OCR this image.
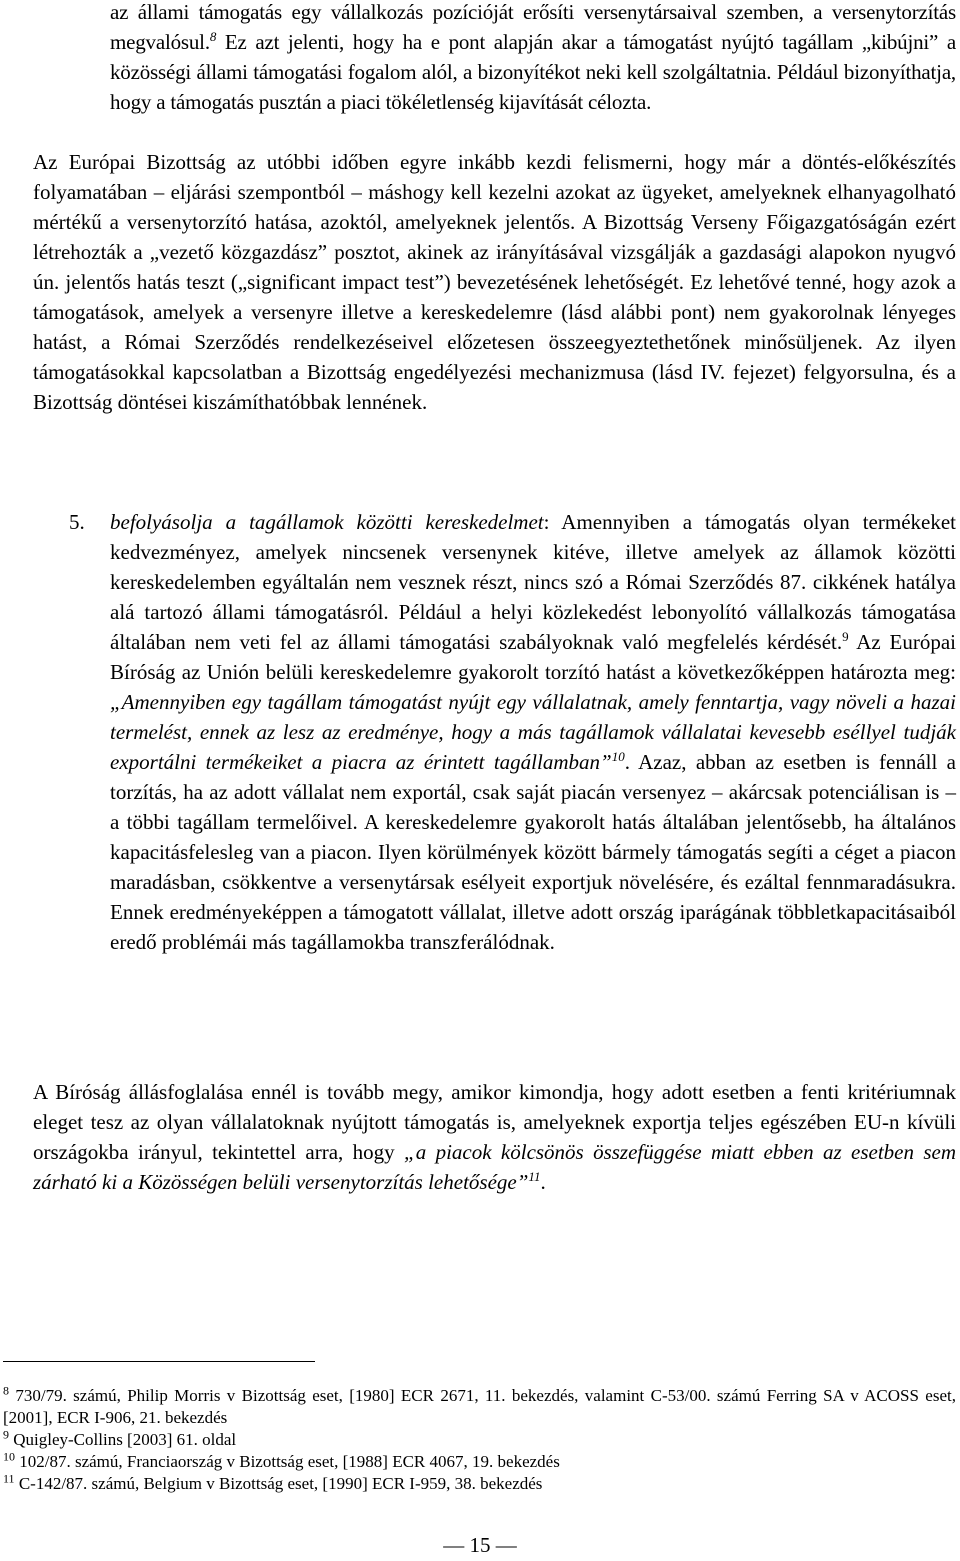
az állami támogatás egy vállalkozás pozícióját erősíti versenytársaival szemben, a versenytorzítás megvalósul.$^8$ Ez azt jelenti, hogy ha e pont alapján akar a támogatást nyújtó tagállam „kibújni” a közösségi állami támogatási fogalom alól, a bizonyítékot neki kell szolgáltatnia. Például bizonyíthatja, hogy a támogatás pusztán a piaci tökéletlenség kijavítását célozta.
Az Európai Bizottság az utóbbi időben egyre inkább kezdi felismerni, hogy már a döntés-előkészítés folyamatában – eljárási szempontból – máshogy kell kezelni azokat az ügyeket, amelyeknek elhanyagolható mértékű a versenytorzító hatása, azoktól, amelyeknek jelentős. A Bizottság Verseny Főigazgatóságán ezért létrehozták a „vezető közgazdász” posztot, akinek az irányításával vizsgálják a gazdasági alapokon nyugvó ún. jelentős hatás teszt („significant impact test”) bevezetésének lehetőségét. Ez lehetővé tenné, hogy azok a támogatások, amelyek a versenyre illetve a kereskedelemre (lásd alábbi pont) nem gyakorolnak lényeges hatást, a Római Szerződés rendelkezéseivel előzetesen összeegyeztethetőnek minősüljenek. Az ilyen támogatásokkal kapcsolatban a Bizottság engedélyezési mechanizmusa (lásd IV. fejezet) felgyorsulna, és a Bizottság döntései kiszámíthatóbbak lennének.
5. befolyásolja a tagállamok közötti kereskedelmet: Amennyiben a támogatás olyan termékeket kedvezményez, amelyek nincsenek versenynek kitéve, illetve amelyek az államok közötti kereskedelemben egyáltalán nem vesznek részt, nincs szó a Római Szerződés 87. cikkének hatálya alá tartozó állami támogatásról. Például a helyi közlekedést lebonyolító vállalkozás támogatása általában nem veti fel az állami támogatási szabályoknak való megfelelés kérdését.$^9$ Az Európai Bíróság az Unión belüli kereskedelemre gyakorolt torzító hatást a következőképpen határozta meg: „Amennyiben egy tagállam támogatást nyújt egy vállalatnak, amely fenntartja, vagy növeli a hazai termelést, ennek az lesz az eredménye, hogy a más tagállamok vállalatai kevesebb eséllyel tudják exportálni termékeiket a piacra az érintett tagállamban”$^{10}$. Azaz, abban az esetben is fennáll a torzítás, ha az adott vállalat nem exportál, csak saját piacán versenyez – akárcsak potenciálisan is – a többi tagállam termelőivel. A kereskedelemre gyakorolt hatás általában jelentősebb, ha általános kapacitásfelesleg van a piacon. Ilyen körülmények között bármely támogatás segíti a céget a piacon maradásban, csökkentve a versenytársak esélyeit exportjuk növelésére, és ezáltal fennmaradásukra. Ennek eredményeképpen a támogatott vállalat, illetve adott ország iparágának többletkapacitásaiból eredő problémái más tagállamokba transzferálódnak.
A Bíróság állásfoglalása ennél is tovább megy, amikor kimondja, hogy adott esetben a fenti kritériumnak eleget tesz az olyan vállalatoknak nyújtott támogatás is, amelyeknek exportja teljes egészében EU-n kívüli országokba irányul, tekintettel arra, hogy „a piacok kölcsönös összefüggése miatt ebben az esetben sem zárható ki a Közösségen belüli versenytorzítás lehetősége”$^{11}$.
$^8$ 730/79. számú, Philip Morris v Bizottság eset, [1980] ECR 2671, 11. bekezdés, valamint C-53/00. számú Ferring SA v ACOSS eset, [2001], ECR I-906, 21. bekezdés
$^9$ Quigley-Collins [2003] 61. oldal
$^{10}$ 102/87. számú, Franciaország v Bizottság eset, [1988] ECR 4067, 19. bekezdés
$^{11}$ C-142/87. számú, Belgium v Bizottság eset, [1990] ECR I-959, 38. bekezdés
— 15 —
